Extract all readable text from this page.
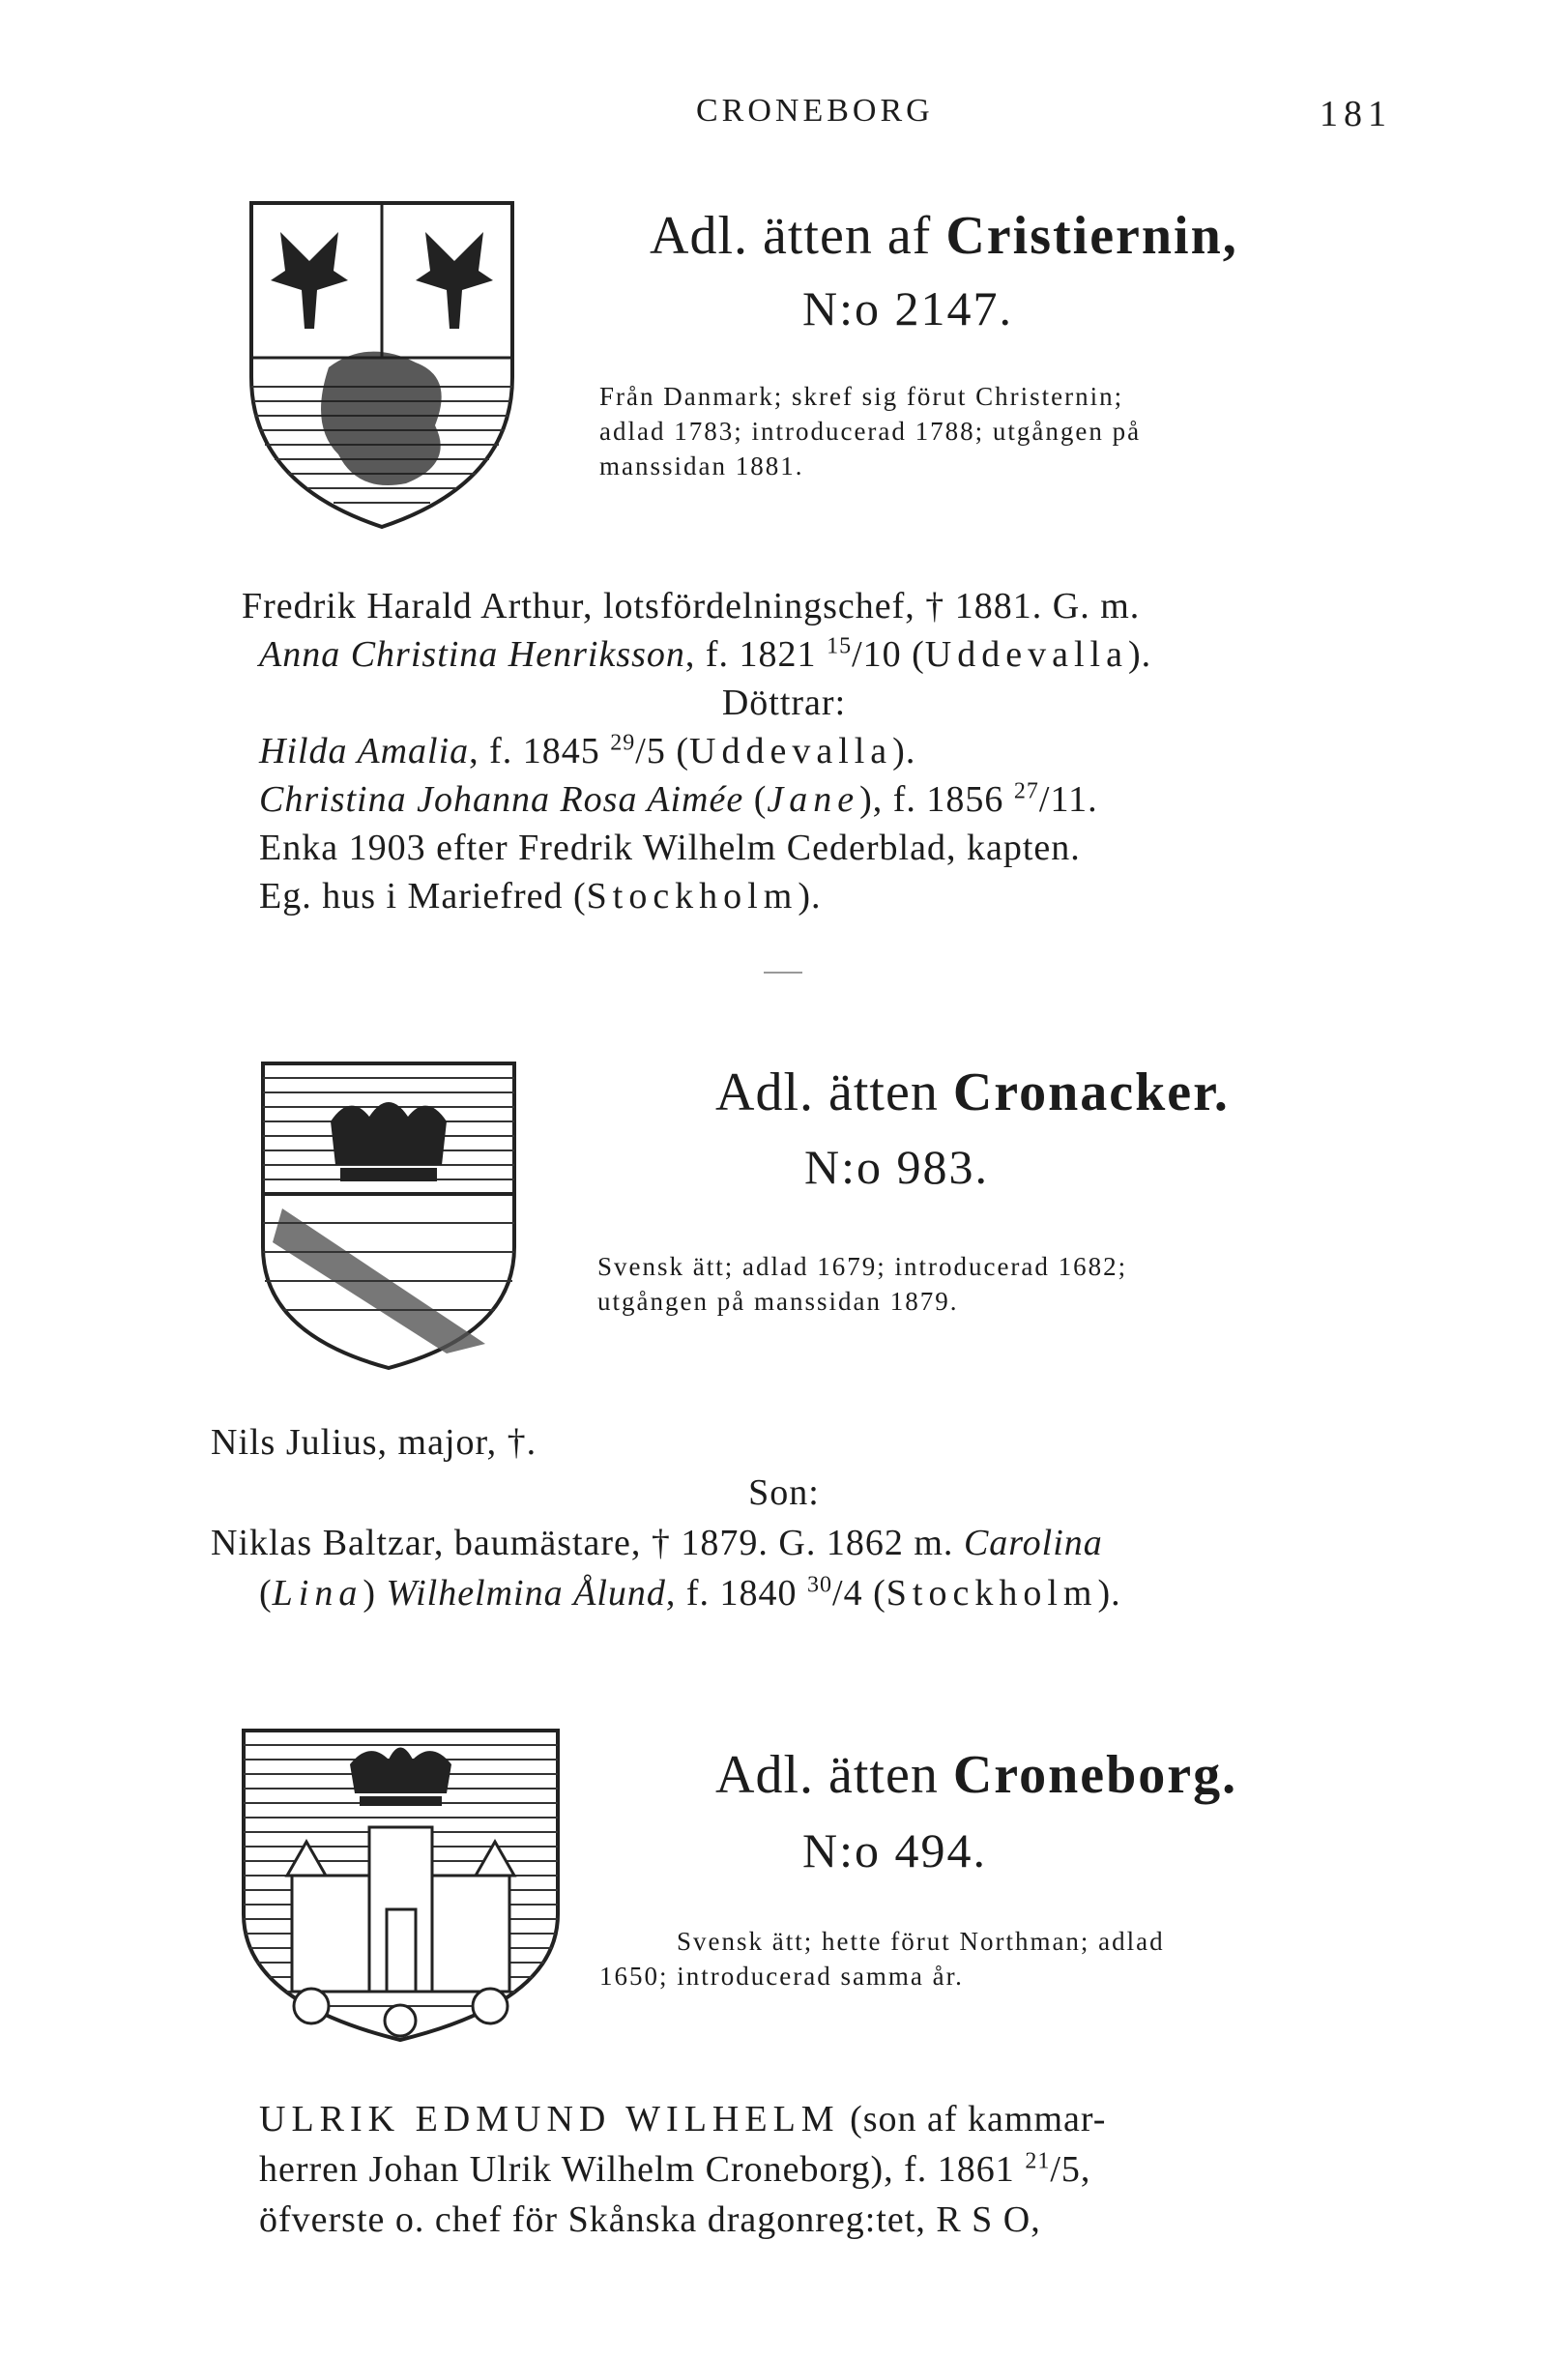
CRONEBORG	181
Adl. ätten af Cristiernin,
N:o 2147.
Från Danmark; skref sig förut Christernin;
adlad 1783; introducerad 1788; utgången på
manssidan 1881.
Fredrik Harald Arthur, lotsfördelningschef, † 1881. G. m.
Anna Christina Henriksson, f. 1821 $^{15}$/10 (Uddevalla).
Döttrar:
Hilda Amalia, f. 1845 $^{29}$/5 (Uddevalla).
Christina Johanna Rosa Aimée (Jane), f. 1856 $^{27}$/11.
Enka 1903 efter Fredrik Wilhelm Cederblad, kapten.
Eg. hus i Mariefred (Stockholm).
Adl. ätten Cronacker.
N:o 983.
Svensk ätt; adlad 1679; introducerad 1682;
utgången på manssidan 1879.
Nils Julius, major, †.
Son:
Niklas Baltzar, baumästare, † 1879. G. 1862 m. Carolina
(Lina) Wilhelmina Ålund, f. 1840 $^{30}$/4 (Stockholm).
Adl. ätten Croneborg.
N:o 494.
Svensk ätt; hette förut Northman; adlad
1650; introducerad samma år.
ULRIK EDMUND WILHELM (son af kammar-
herren Johan Ulrik Wilhelm Croneborg), f. 1861 $^{21}$/5,
öfverste o. chef för Skånska dragonreg:tet, R S O,
